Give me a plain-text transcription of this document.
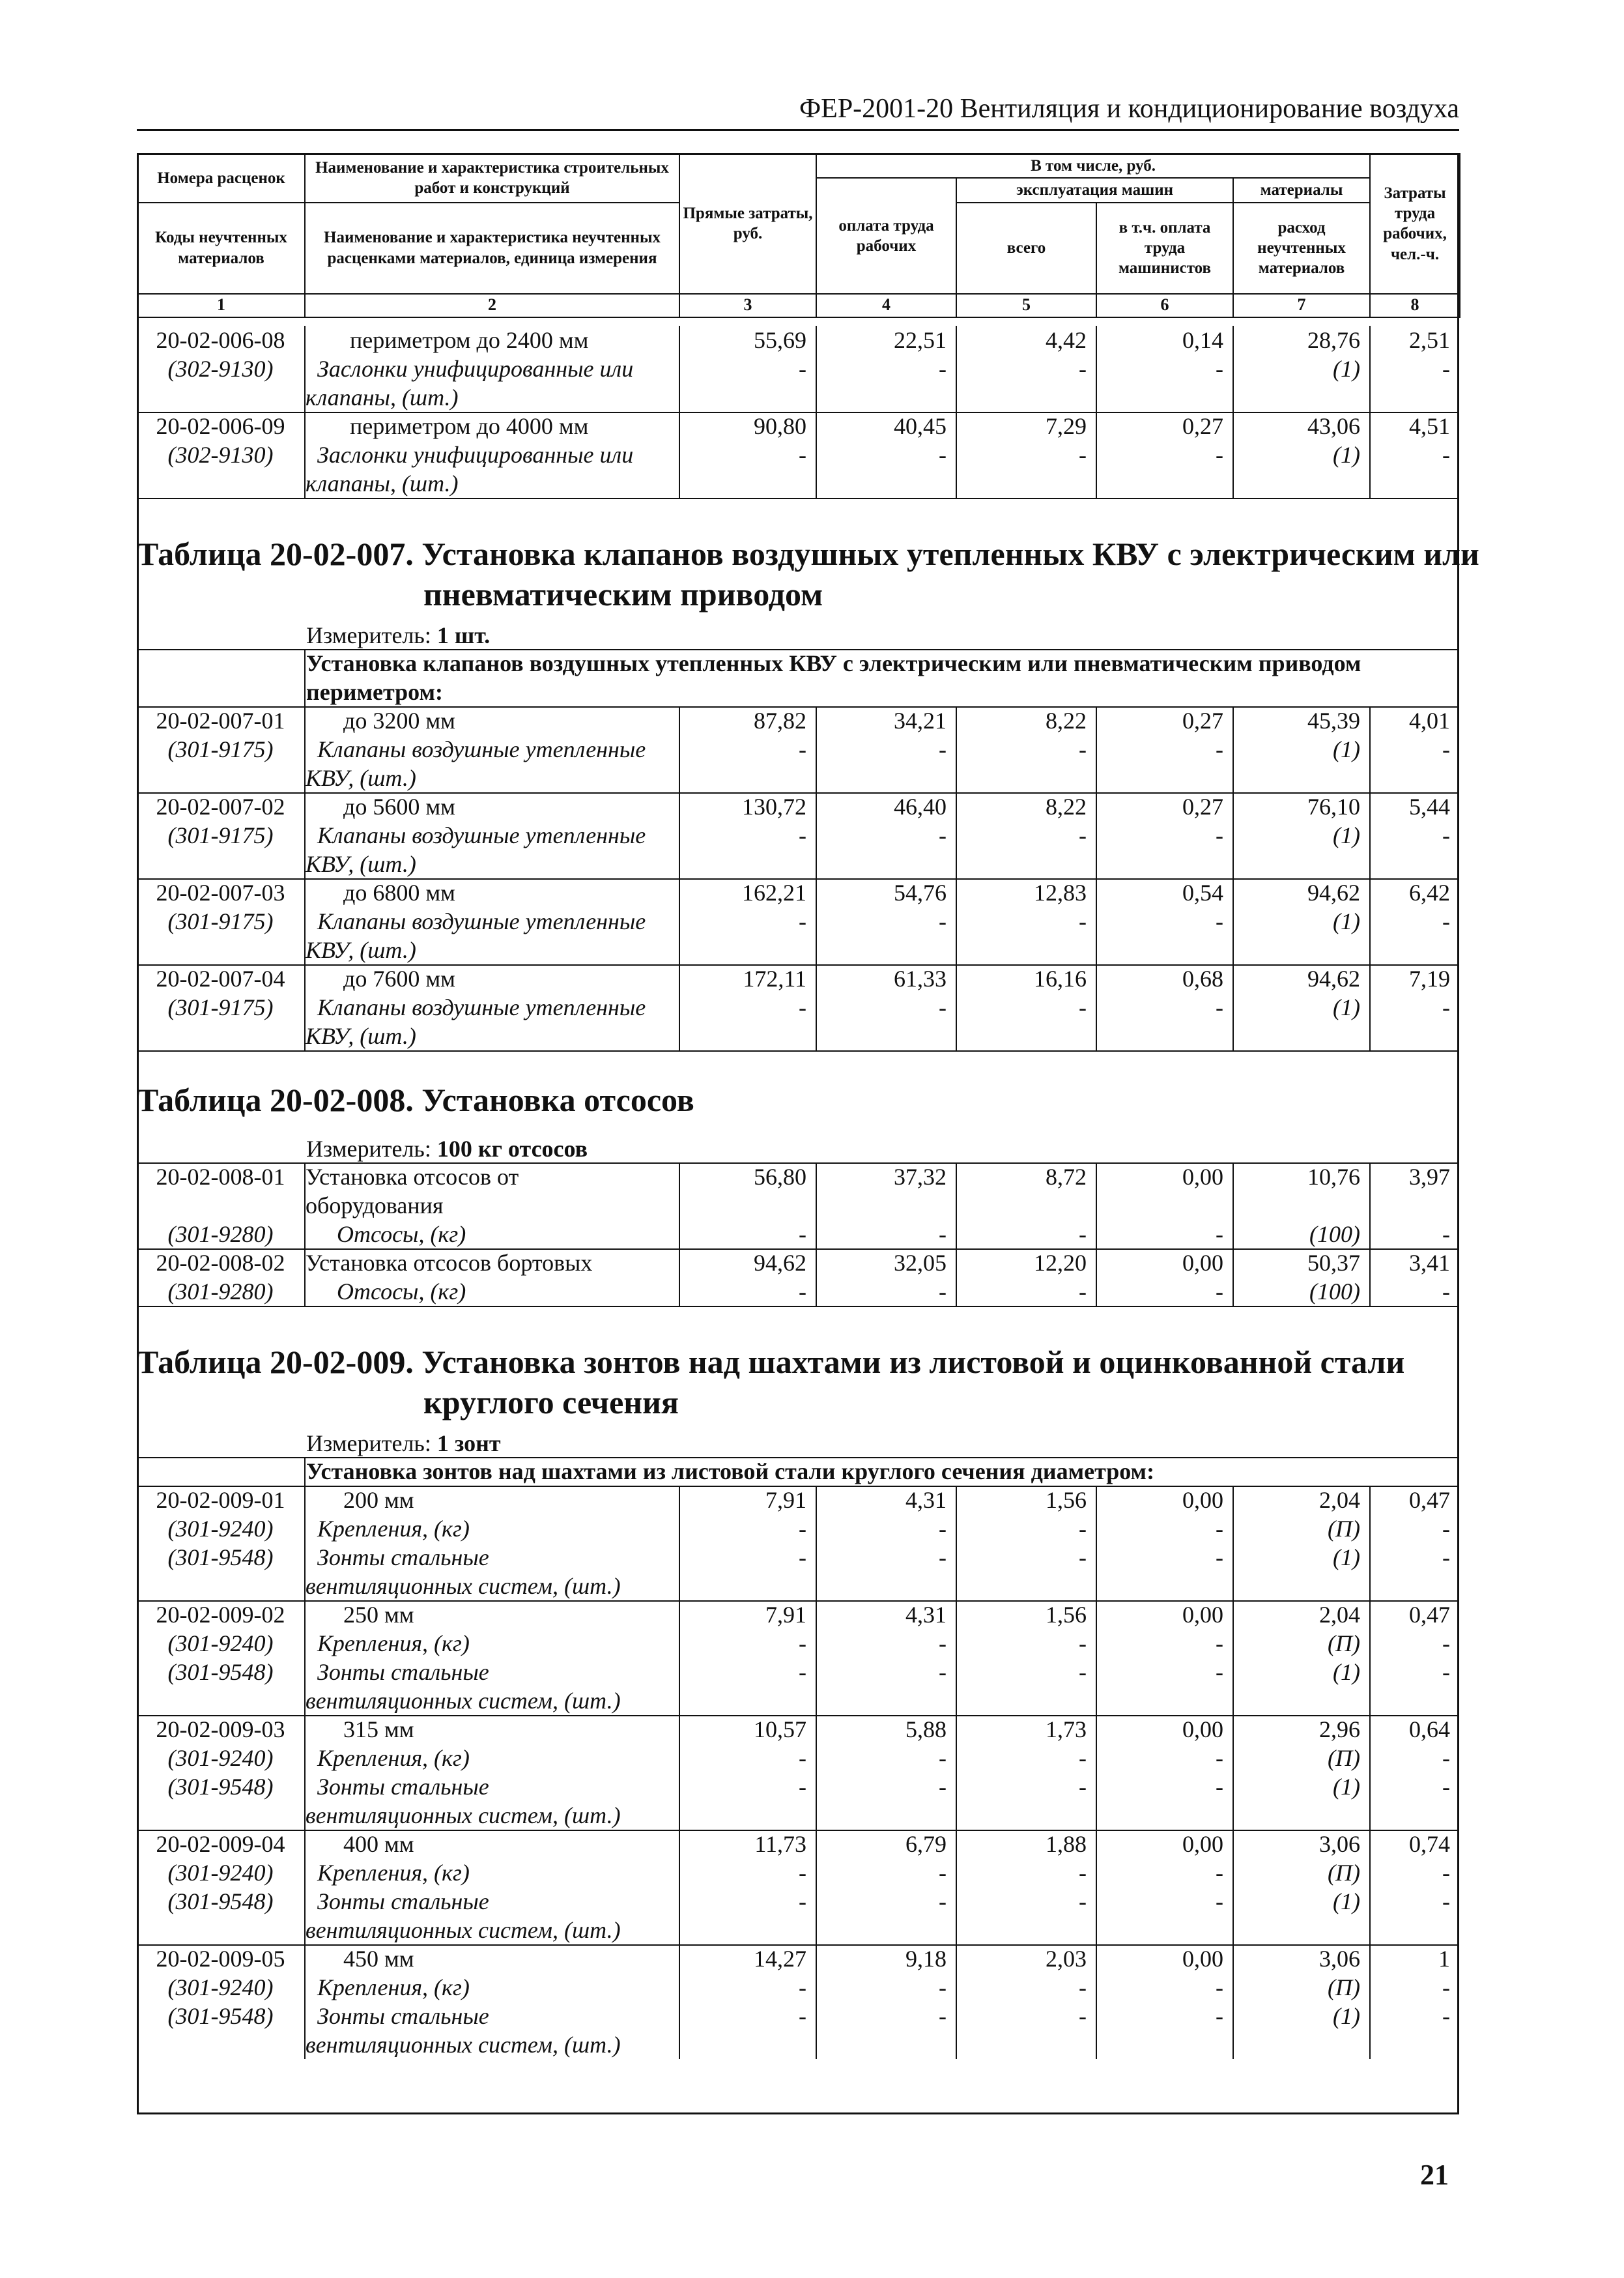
ФЕР-2001-20 Вентиляция и кондиционирование воздуха
Номера расценок	Наименование и характеристика строительных работ и конструкций	Прямые затраты, руб.	В том числе, руб.				Затраты труда рабочих, чел.-ч.
			оплата труда рабочих	эксплуатация машин		материалы	
Коды неучтенных материалов	Наименование и характеристика неучтенных расценками материалов, единица измерения			всего	в т.ч. оплата труда машинистов	расход неучтенных материалов	

1	2	3	4	5	6	7	8
20-02-006-08	периметром до 2400 мм	55,69	22,51	4,42	0,14	28,76	2,51
(302-9130)	Заслонки унифицированные или	-	-	-	-	(1)	-
клапаны, (шт.)
20-02-006-09	периметром до 4000 мм	90,80	40,45	7,29	0,27	43,06	4,51
(302-9130)	Заслонки унифицированные или	-	-	-	-	(1)	-
клапаны, (шт.)
Таблица 20-02-007. Установка клапанов воздушных утепленных КВУ с электрическим или
пневматическим приводом
Измеритель: 1 шт.
Установка клапанов воздушных утепленных КВУ с электрическим или пневматическим приводом
периметром:
20-02-007-01	до 3200 мм	87,82	34,21	8,22	0,27	45,39	4,01
(301-9175)	Клапаны воздушные утепленные	-	-	-	-	(1)	-
КВУ, (шт.)
20-02-007-02	до 5600 мм	130,72	46,40	8,22	0,27	76,10	5,44
(301-9175)	Клапаны воздушные утепленные	-	-	-	-	(1)	-
КВУ, (шт.)
20-02-007-03	до 6800 мм	162,21	54,76	12,83	0,54	94,62	6,42
(301-9175)	Клапаны воздушные утепленные	-	-	-	-	(1)	-
КВУ, (шт.)
20-02-007-04	до 7600 мм	172,11	61,33	16,16	0,68	94,62	7,19
(301-9175)	Клапаны воздушные утепленные	-	-	-	-	(1)	-
КВУ, (шт.)
Таблица 20-02-008. Установка отсосов
Измеритель: 100 кг отсосов
20-02-008-01 Установка отсосов от	56,80	37,32	8,72	0,00	10,76	3,97
оборудования
(301-9280)	Отсосы, (кг)	-	-	-	-	(100)	-
20-02-008-02 Установка отсосов бортовых	94,62	32,05	12,20	0,00	50,37	3,41
(301-9280)	Отсосы, (кг)	-	-	-	-	(100)	-
Таблица 20-02-009. Установка зонтов над шахтами из листовой и оцинкованной стали
круглого сечения
Измеритель: 1 зонт
Установка зонтов над шахтами из листовой стали круглого сечения диаметром:
20-02-009-01	200 мм	7,91	4,31	1,56	0,00	2,04	0,47
(301-9240)	Крепления, (кг)	-	-	-	-	(П)	-
(301-9548)	Зонты стальные	-	-	-	-	(1)	-
вентиляционных систем, (шт.)
20-02-009-02	250 мм	7,91	4,31	1,56	0,00	2,04	0,47
(301-9240)	Крепления, (кг)	-	-	-	-	(П)	-
(301-9548)	Зонты стальные	-	-	-	-	(1)	-
вентиляционных систем, (шт.)
20-02-009-03	315 мм	10,57	5,88	1,73	0,00	2,96	0,64
(301-9240)	Крепления, (кг)	-	-	-	-	(П)	-
(301-9548)	Зонты стальные	-	-	-	-	(1)	-
вентиляционных систем, (шт.)
20-02-009-04	400 мм	11,73	6,79	1,88	0,00	3,06	0,74
(301-9240)	Крепления, (кг)	-	-	-	-	(П)	-
(301-9548)	Зонты стальные	-	-	-	-	(1)	-
вентиляционных систем, (шт.)
20-02-009-05	450 мм	14,27	9,18	2,03	0,00	3,06	1
(301-9240)	Крепления, (кг)	-	-	-	-	(П)	-
(301-9548)	Зонты стальные	-	-	-	-	(1)	-
вентиляционных систем, (шт.)
21
